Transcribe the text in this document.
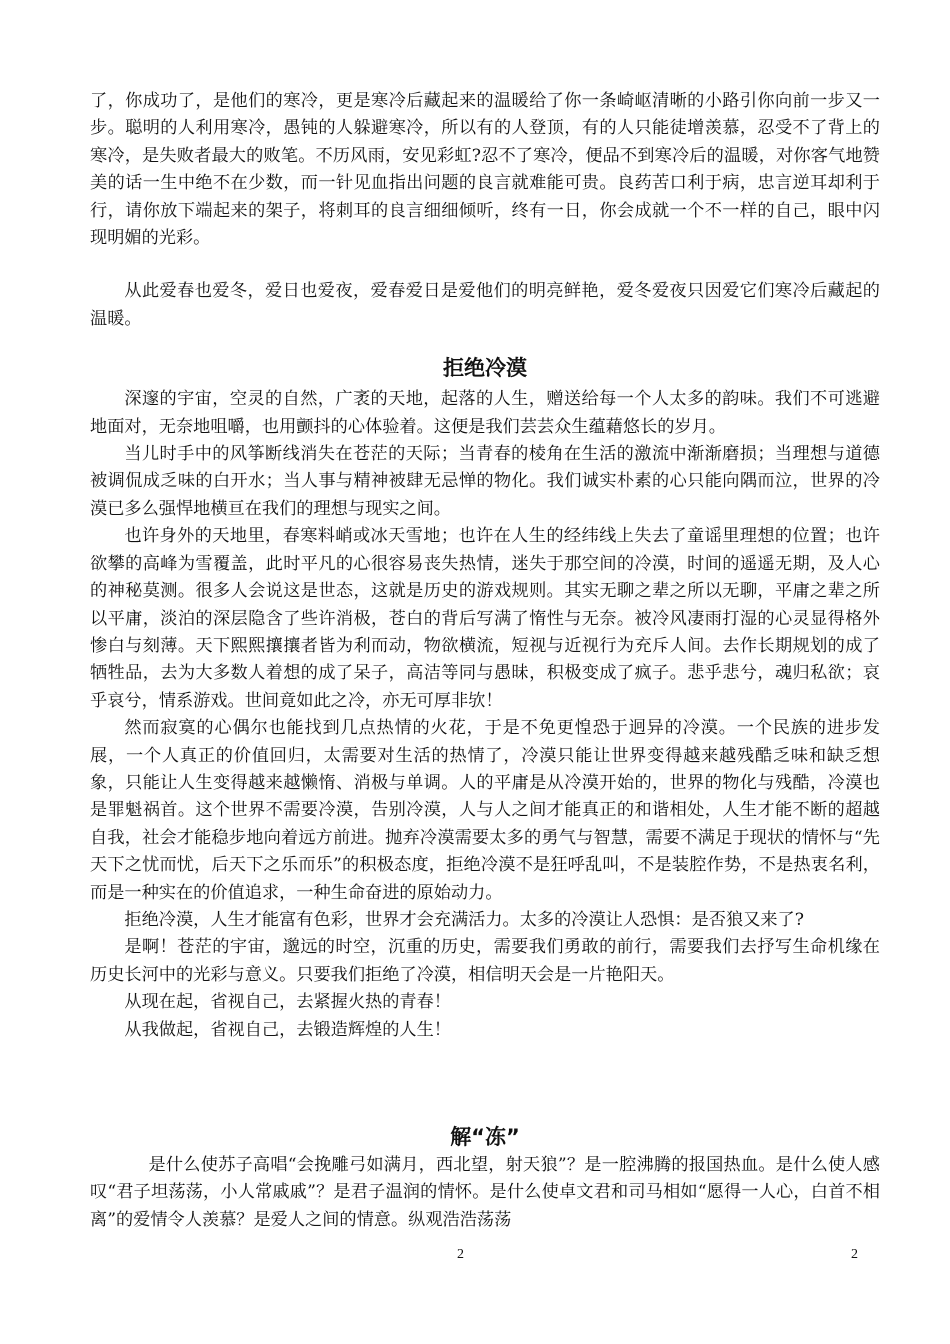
了，你成功了，是他们的寒冷，更是寒冷后藏起来的温暖给了你一条崎岖清晰的小路引你向前一步又一步。聪明的人利用寒冷，愚钝的人躲避寒冷，所以有的人登顶，有的人只能徒增羡慕，忍受不了背上的寒冷，是失败者最大的败笔。不历风雨，安见彩虹?忍不了寒冷，便品不到寒冷后的温暖，对你客气地赞美的话一生中绝不在少数，而一针见血指出问题的良言就难能可贵。良药苦口利于病，忠言逆耳却利于行，请你放下端起来的架子，将刺耳的良言细细倾听，终有一日，你会成就一个不一样的自己，眼中闪现明媚的光彩。

从此爱春也爱冬，爱日也爱夜，爱春爱日是爱他们的明亮鲜艳，爱冬爱夜只因爱它们寒冷后藏起的温暖。

拒绝冷漠

深邃的宇宙，空灵的自然，广袤的天地，起落的人生，赠送给每一个人太多的韵味。我们不可逃避地面对，无奈地咀嚼，也用颤抖的心体验着。这便是我们芸芸众生蕴藉悠长的岁月。

当儿时手中的风筝断线消失在苍茫的天际；当青春的棱角在生活的激流中渐渐磨损；当理想与道德被调侃成乏味的白开水；当人事与精神被肆无忌惮的物化。我们诚实朴素的心只能向隅而泣，世界的冷漠已多么强悍地横亘在我们的理想与现实之间。

也许身外的天地里，春寒料峭或冰天雪地；也许在人生的经纬线上失去了童谣里理想的位置；也许欲攀的高峰为雪覆盖，此时平凡的心很容易丧失热情，迷失于那空间的冷漠，时间的遥遥无期，及人心的神秘莫测。很多人会说这是世态，这就是历史的游戏规则。其实无聊之辈之所以无聊，平庸之辈之所以平庸，淡泊的深层隐含了些许消极，苍白的背后写满了惰性与无奈。被冷风凄雨打湿的心灵显得格外惨白与刻薄。天下熙熙攘攘者皆为利而动，物欲横流，短视与近视行为充斥人间。去作长期规划的成了牺牲品，去为大多数人着想的成了呆子，高洁等同与愚昧，积极变成了疯子。悲乎悲兮，魂归私欲；哀乎哀兮，情系游戏。世间竟如此之冷，亦无可厚非欤！

然而寂寞的心偶尔也能找到几点热情的火花，于是不免更惶恐于迥异的冷漠。一个民族的进步发展，一个人真正的价值回归，太需要对生活的热情了，冷漠只能让世界变得越来越残酷乏味和缺乏想象，只能让人生变得越来越懒惰、消极与单调。人的平庸是从冷漠开始的，世界的物化与残酷，冷漠也是罪魁祸首。这个世界不需要冷漠，告别冷漠，人与人之间才能真正的和谐相处，人生才能不断的超越自我，社会才能稳步地向着远方前进。抛弃冷漠需要太多的勇气与智慧，需要不满足于现状的情怀与“先天下之忧而忧，后天下之乐而乐”的积极态度，拒绝冷漠不是狂呼乱叫，不是装腔作势，不是热衷名利，而是一种实在的价值追求，一种生命奋进的原始动力。

拒绝冷漠，人生才能富有色彩，世界才会充满活力。太多的冷漠让人恐惧：是否狼又来了?

是啊！苍茫的宇宙，邈远的时空，沉重的历史，需要我们勇敢的前行，需要我们去抒写生命机缘在历史长河中的光彩与意义。只要我们拒绝了冷漠，相信明天会是一片艳阳天。

从现在起，省视自己，去紧握火热的青春！

从我做起，省视自己，去锻造辉煌的人生！

解“冻”

是什么使苏子高唱“会挽雕弓如满月，西北望，射天狼”？是一腔沸腾的报国热血。是什么使人感叹“君子坦荡荡，小人常戚戚”？是君子温润的情怀。是什么使卓文君和司马相如“愿得一人心，白首不相离”的爱情令人羡慕？是爱人之间的情意。纵观浩浩荡荡

2	2
